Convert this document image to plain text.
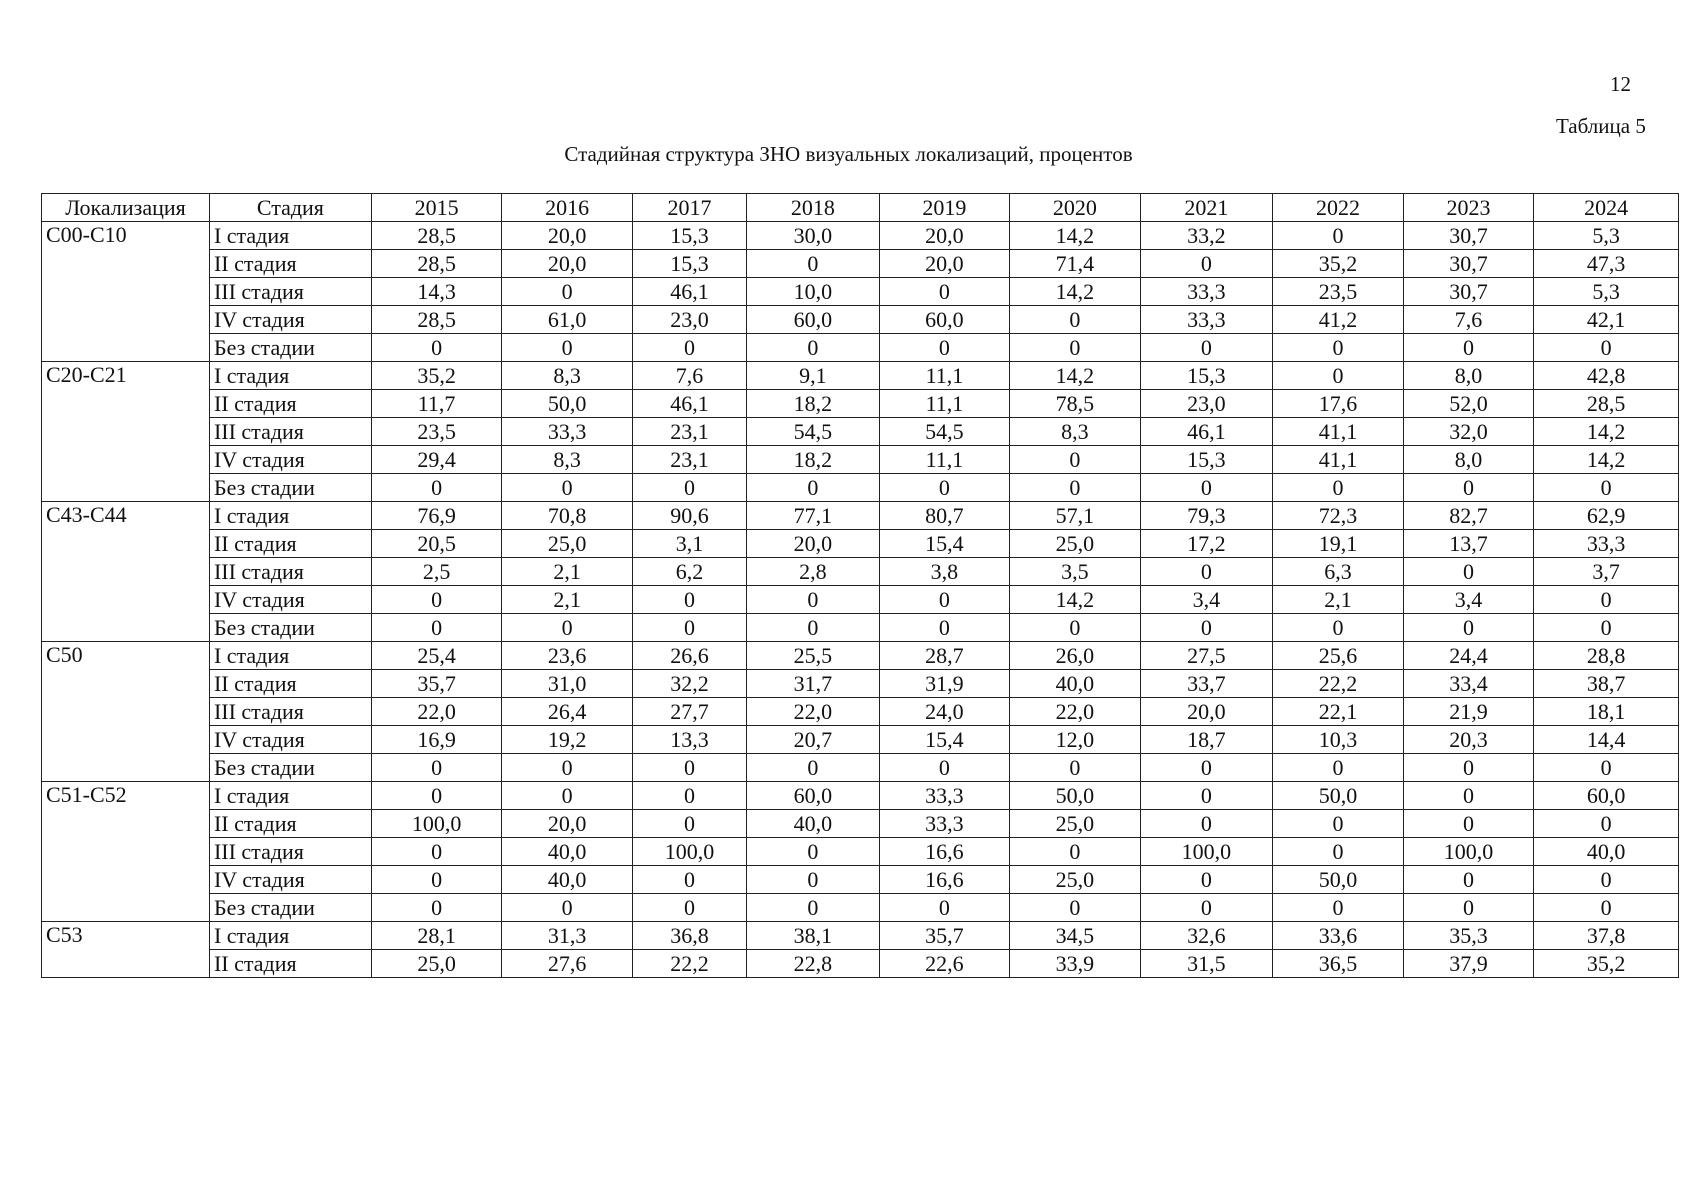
12
Таблица 5
Стадийная структура ЗНО визуальных локализаций, процентов
Локализация	Стадия	2015	2016	2017	2018	2019	2020	2021	2022	2023	2024
С00-С10	I стадия	28,5	20,0	15,3	30,0	20,0	14,2	33,2	0	30,7	5,3
	II стадия	28,5	20,0	15,3	0	20,0	71,4	0	35,2	30,7	47,3
	III стадия	14,3	0	46,1	10,0	0	14,2	33,3	23,5	30,7	5,3
	IV стадия	28,5	61,0	23,0	60,0	60,0	0	33,3	41,2	7,6	42,1
	Без стадии	0	0	0	0	0	0	0	0	0	0
С20-С21	I стадия	35,2	8,3	7,6	9,1	11,1	14,2	15,3	0	8,0	42,8
	II стадия	11,7	50,0	46,1	18,2	11,1	78,5	23,0	17,6	52,0	28,5
	III стадия	23,5	33,3	23,1	54,5	54,5	8,3	46,1	41,1	32,0	14,2
	IV стадия	29,4	8,3	23,1	18,2	11,1	0	15,3	41,1	8,0	14,2
	Без стадии	0	0	0	0	0	0	0	0	0	0
С43-С44	I стадия	76,9	70,8	90,6	77,1	80,7	57,1	79,3	72,3	82,7	62,9
	II стадия	20,5	25,0	3,1	20,0	15,4	25,0	17,2	19,1	13,7	33,3
	III стадия	2,5	2,1	6,2	2,8	3,8	3,5	0	6,3	0	3,7
	IV стадия	0	2,1	0	0	0	14,2	3,4	2,1	3,4	0
	Без стадии	0	0	0	0	0	0	0	0	0	0
С50	I стадия	25,4	23,6	26,6	25,5	28,7	26,0	27,5	25,6	24,4	28,8
	II стадия	35,7	31,0	32,2	31,7	31,9	40,0	33,7	22,2	33,4	38,7
	III стадия	22,0	26,4	27,7	22,0	24,0	22,0	20,0	22,1	21,9	18,1
	IV стадия	16,9	19,2	13,3	20,7	15,4	12,0	18,7	10,3	20,3	14,4
	Без стадии	0	0	0	0	0	0	0	0	0	0
С51-С52	I стадия	0	0	0	60,0	33,3	50,0	0	50,0	0	60,0
	II стадия	100,0	20,0	0	40,0	33,3	25,0	0	0	0	0
	III стадия	0	40,0	100,0	0	16,6	0	100,0	0	100,0	40,0
	IV стадия	0	40,0	0	0	16,6	25,0	0	50,0	0	0
	Без стадии	0	0	0	0	0	0	0	0	0	0
С53	I стадия	28,1	31,3	36,8	38,1	35,7	34,5	32,6	33,6	35,3	37,8
	II стадия	25,0	27,6	22,2	22,8	22,6	33,9	31,5	36,5	37,9	35,2
